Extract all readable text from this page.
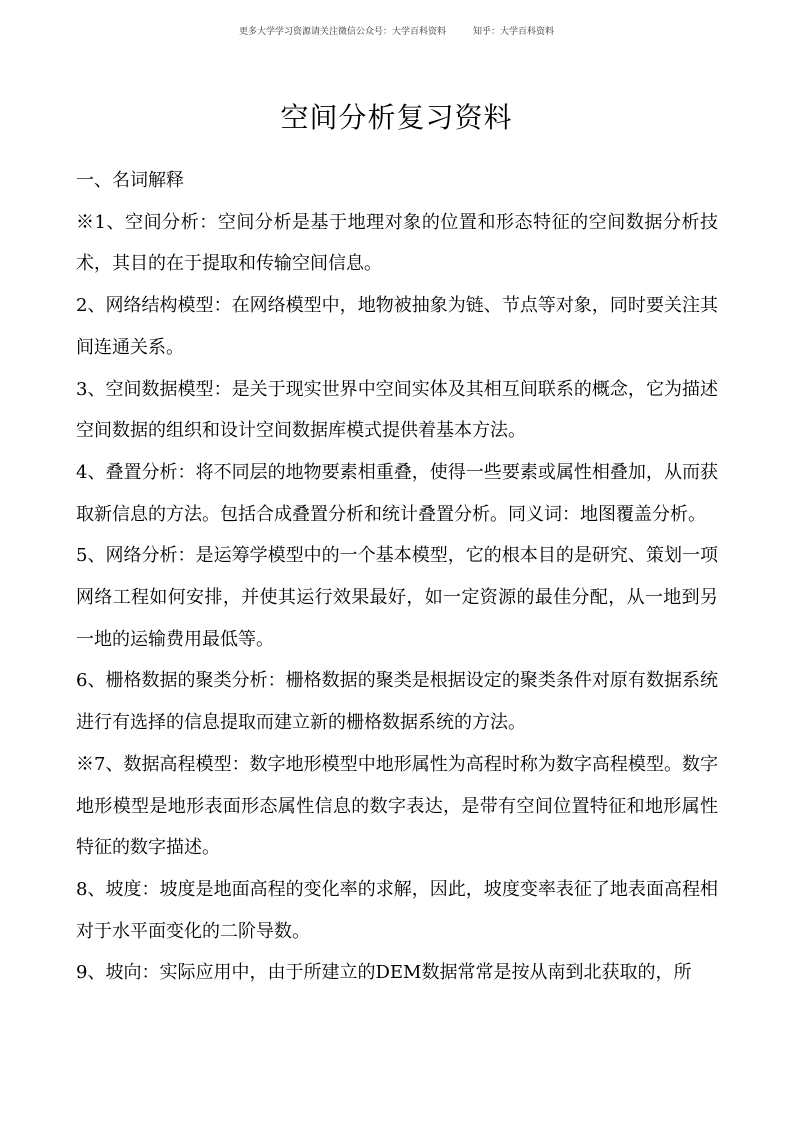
更多大学学习资源请关注微信公众号：大学百科资料	知乎：大学百科资料
空间分析复习资料

一、名词解释

※1、空间分析：空间分析是基于地理对象的位置和形态特征的空间数据分析技术，其目的在于提取和传输空间信息。

2、网络结构模型：在网络模型中，地物被抽象为链、节点等对象，同时要关注其间连通关系。

3、空间数据模型：是关于现实世界中空间实体及其相互间联系的概念，它为描述空间数据的组织和设计空间数据库模式提供着基本方法。

4、叠置分析：将不同层的地物要素相重叠，使得一些要素或属性相叠加，从而获取新信息的方法。包括合成叠置分析和统计叠置分析。同义词：地图覆盖分析。

5、网络分析：是运筹学模型中的一个基本模型，它的根本目的是研究、策划一项网络工程如何安排，并使其运行效果最好，如一定资源的最佳分配，从一地到另一地的运输费用最低等。

6、栅格数据的聚类分析：栅格数据的聚类是根据设定的聚类条件对原有数据系统进行有选择的信息提取而建立新的栅格数据系统的方法。

※7、数据高程模型：数字地形模型中地形属性为高程时称为数字高程模型。数字地形模型是地形表面形态属性信息的数字表达，是带有空间位置特征和地形属性特征的数字描述。

8、坡度：坡度是地面高程的变化率的求解，因此，坡度变率表征了地表面高程相对于水平面变化的二阶导数。

9、坡向：实际应用中，由于所建立的DEM数据常常是按从南到北获取的，所
